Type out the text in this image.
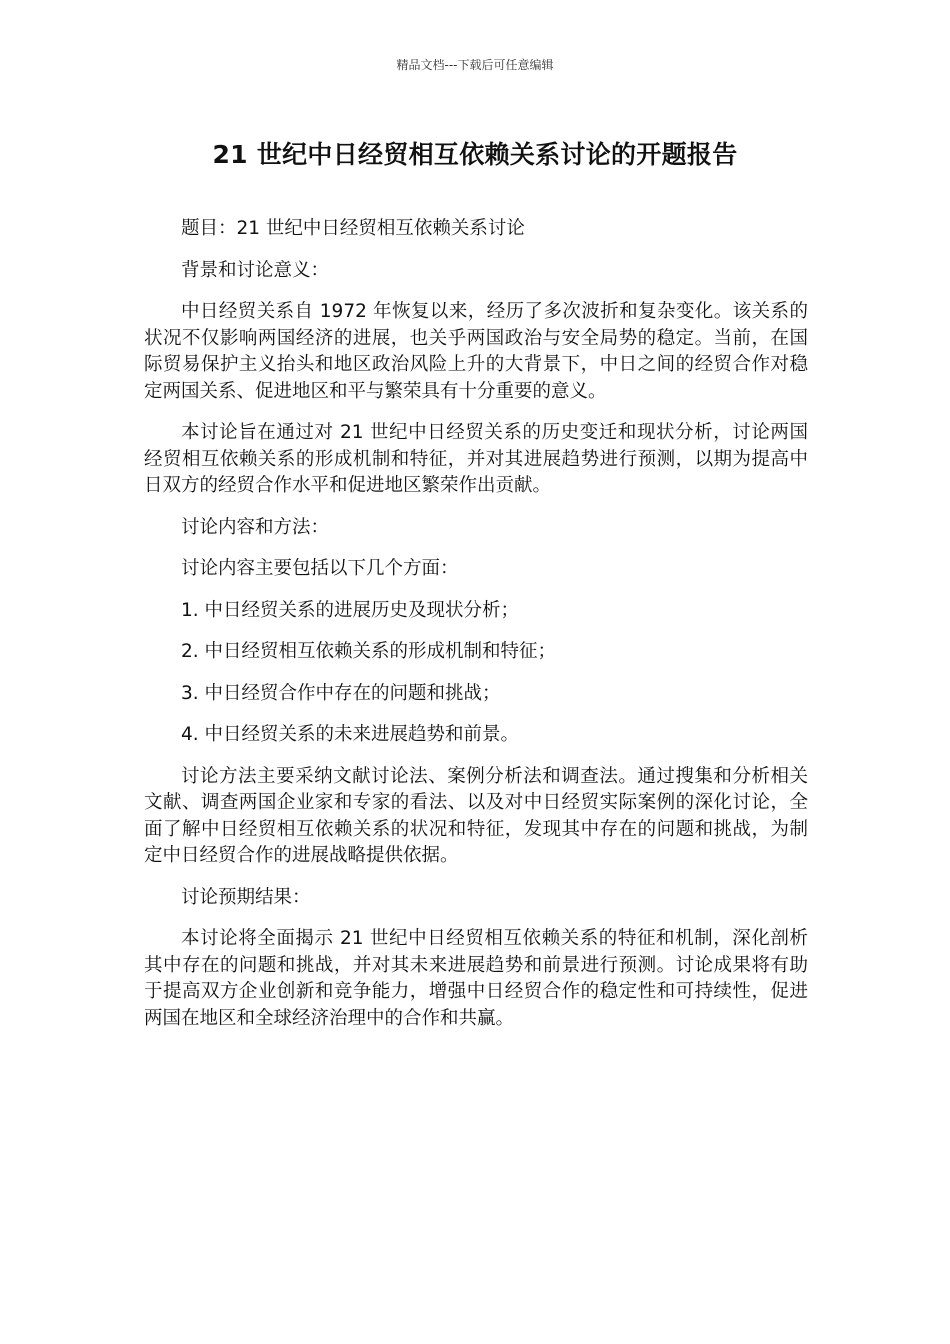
精品文档---下载后可任意编辑
21 世纪中日经贸相互依赖关系讨论的开题报告

题目：21 世纪中日经贸相互依赖关系讨论

背景和讨论意义：

中日经贸关系自 1972 年恢复以来，经历了多次波折和复杂变化。该关系的状况不仅影响两国经济的进展，也关乎两国政治与安全局势的稳定。当前，在国际贸易保护主义抬头和地区政治风险上升的大背景下，中日之间的经贸合作对稳定两国关系、促进地区和平与繁荣具有十分重要的意义。

本讨论旨在通过对 21 世纪中日经贸关系的历史变迁和现状分析，讨论两国经贸相互依赖关系的形成机制和特征，并对其进展趋势进行预测，以期为提高中日双方的经贸合作水平和促进地区繁荣作出贡献。

讨论内容和方法：

讨论内容主要包括以下几个方面：

1. 中日经贸关系的进展历史及现状分析；
2. 中日经贸相互依赖关系的形成机制和特征；
3. 中日经贸合作中存在的问题和挑战；
4. 中日经贸关系的未来进展趋势和前景。

讨论方法主要采纳文献讨论法、案例分析法和调查法。通过搜集和分析相关文献、调查两国企业家和专家的看法、以及对中日经贸实际案例的深化讨论，全面了解中日经贸相互依赖关系的状况和特征，发现其中存在的问题和挑战，为制定中日经贸合作的进展战略提供依据。

讨论预期结果：

本讨论将全面揭示 21 世纪中日经贸相互依赖关系的特征和机制，深化剖析其中存在的问题和挑战，并对其未来进展趋势和前景进行预测。讨论成果将有助于提高双方企业创新和竞争能力，增强中日经贸合作的稳定性和可持续性，促进两国在地区和全球经济治理中的合作和共赢。
